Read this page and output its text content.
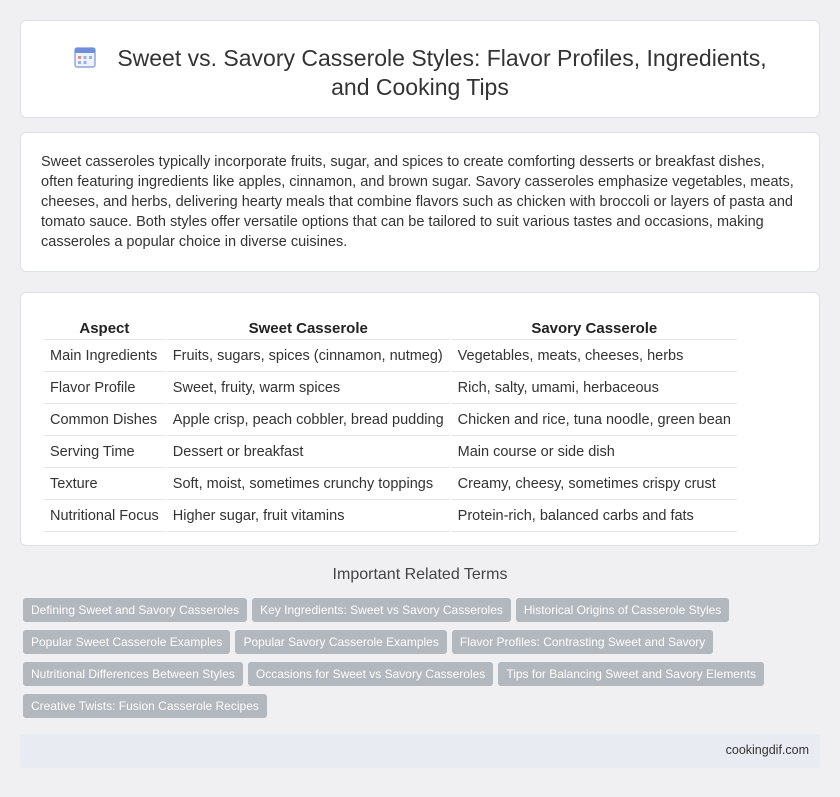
Sweet vs. Savory Casserole Styles: Flavor Profiles, Ingredients, and Cooking Tips

Sweet casseroles typically incorporate fruits, sugar, and spices to create comforting desserts or breakfast dishes, often featuring ingredients like apples, cinnamon, and brown sugar. Savory casseroles emphasize vegetables, meats, cheeses, and herbs, delivering hearty meals that combine flavors such as chicken with broccoli or layers of pasta and tomato sauce. Both styles offer versatile options that can be tailored to suit various tastes and occasions, making casseroles a popular choice in diverse cuisines.

Aspect	Sweet Casserole	Savory Casserole
Main Ingredients	Fruits, sugars, spices (cinnamon, nutmeg)	Vegetables, meats, cheeses, herbs
Flavor Profile	Sweet, fruity, warm spices	Rich, salty, umami, herbaceous
Common Dishes	Apple crisp, peach cobbler, bread pudding	Chicken and rice, tuna noodle, green bean
Serving Time	Dessert or breakfast	Main course or side dish
Texture	Soft, moist, sometimes crunchy toppings	Creamy, cheesy, sometimes crispy crust
Nutritional Focus	Higher sugar, fruit vitamins	Protein-rich, balanced carbs and fats
Important Related Terms
Defining Sweet and Savory Casseroles Key Ingredients: Sweet vs Savory Casseroles Historical Origins of Casserole Styles
Popular Sweet Casserole Examples Popular Savory Casserole Examples Flavor Profiles: Contrasting Sweet and Savory
Nutritional Differences Between Styles Occasions for Sweet vs Savory Casseroles Tips for Balancing Sweet and Savory Elements
Creative Twists: Fusion Casserole Recipes
cookingdif.com
